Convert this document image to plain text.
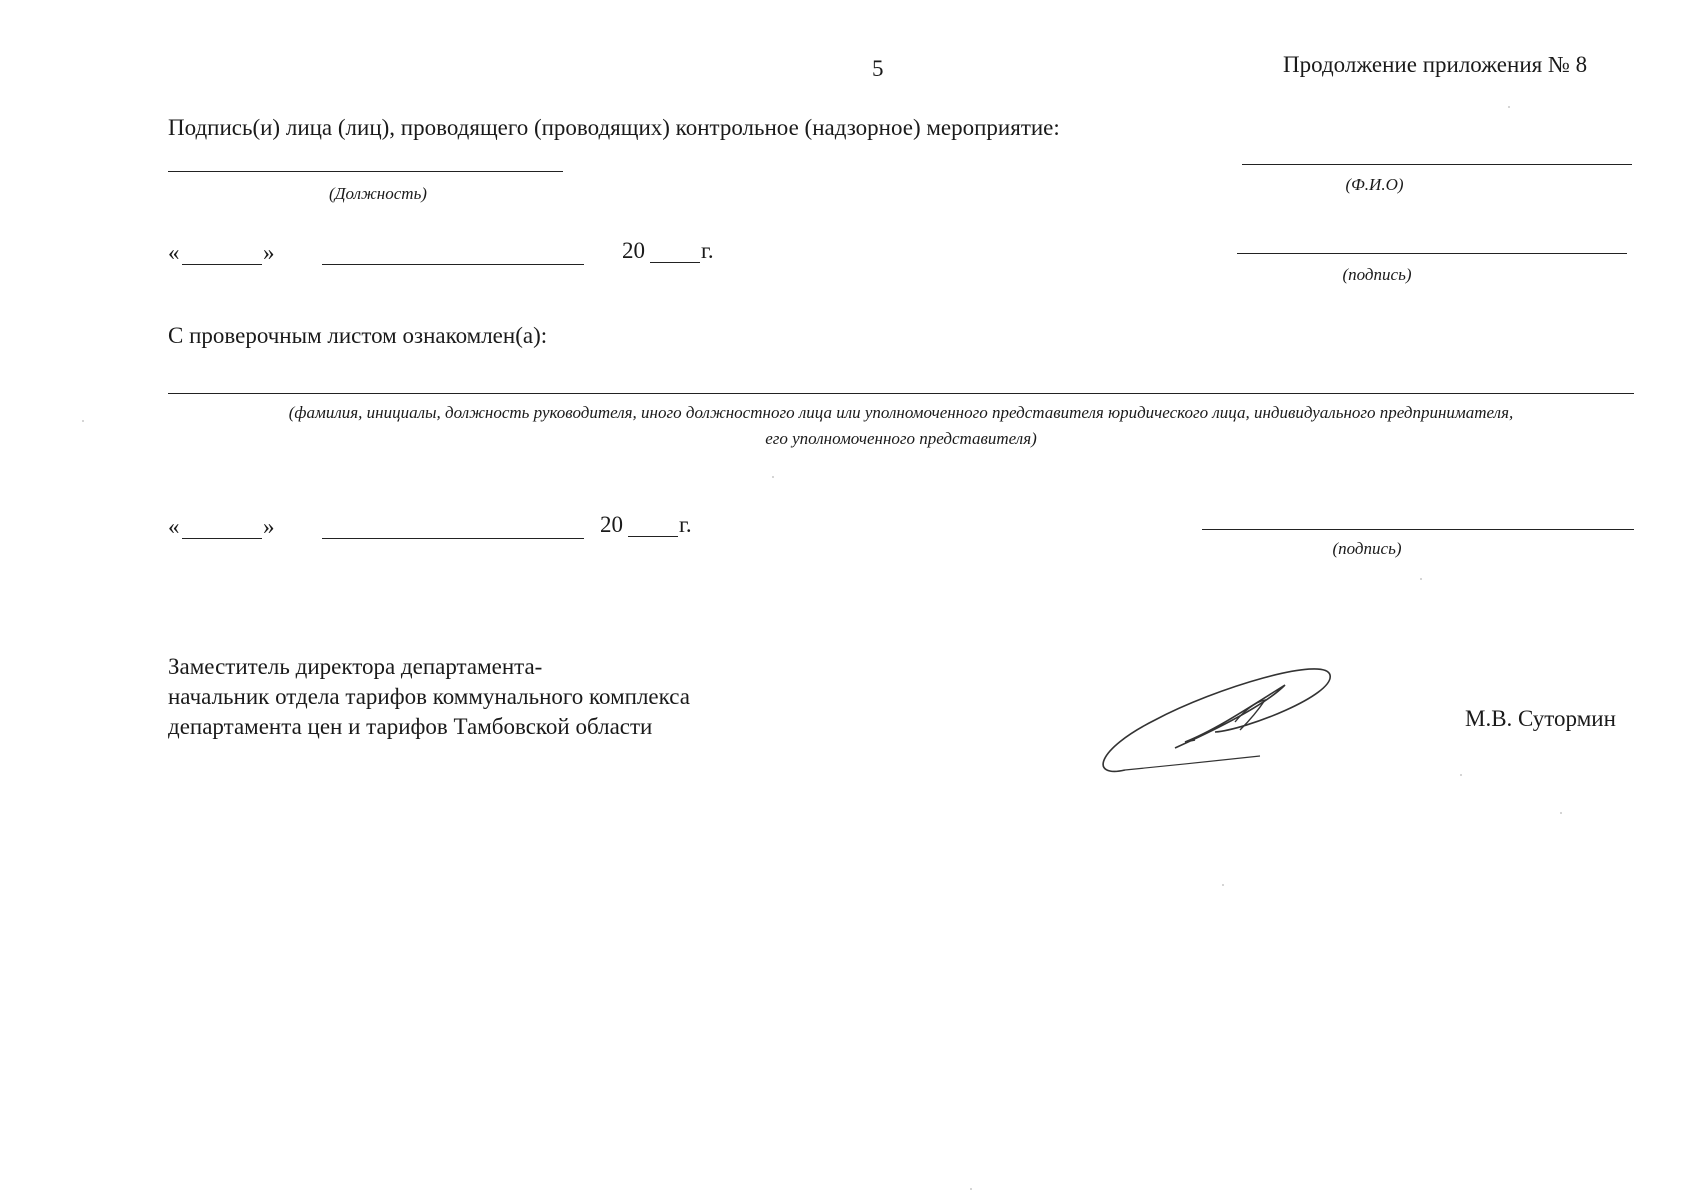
5	Продолжение приложения № 8
Подпись(и) лица (лиц), проводящего (проводящих) контрольное (надзорное) мероприятие:
(Должность)	(Ф.И.О)
«	»	20 г.
(подпись)
С проверочным листом ознакомлен(а):
(фамилия, инициалы, должность руководителя, иного должностного лица или уполномоченного представителя юридического лица, индивидуального предпринимателя,
его уполномоченного представителя)
«	»	20 г.
(подпись)
Заместитель директора департамента-
начальник отдела тарифов коммунального комплекса
департамента цен и тарифов Тамбовской области	М.В. Сутормин
